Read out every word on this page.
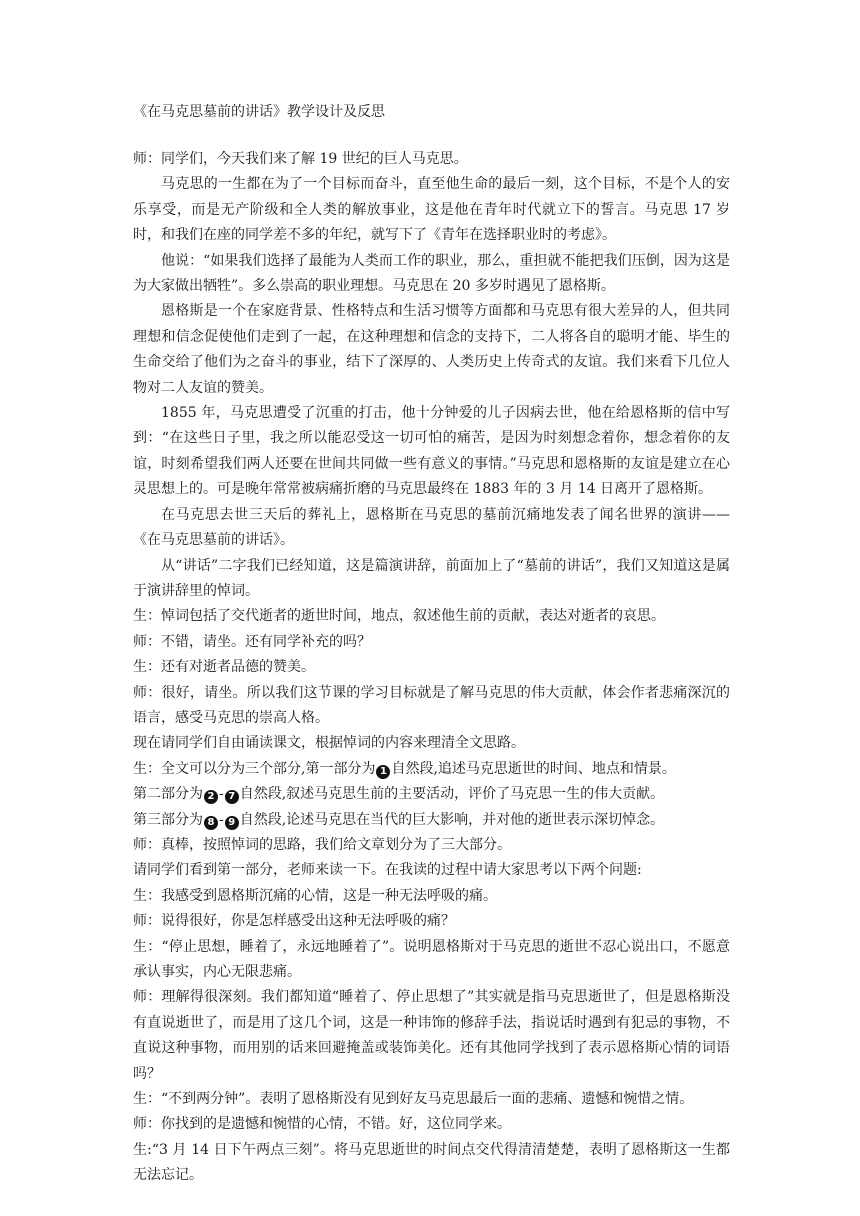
《在马克思墓前的讲话》教学设计及反思

师：同学们，今天我们来了解 19 世纪的巨人马克思。

马克思的一生都在为了一个目标而奋斗，直至他生命的最后一刻，这个目标，不是个人的安乐享受，而是无产阶级和全人类的解放事业，这是他在青年时代就立下的誓言。马克思 17 岁时，和我们在座的同学差不多的年纪，就写下了《青年在选择职业时的考虑》。

他说：“如果我们选择了最能为人类而工作的职业，那么，重担就不能把我们压倒，因为这是为大家做出牺牲”。多么崇高的职业理想。马克思在 20 多岁时遇见了恩格斯。

恩格斯是一个在家庭背景、性格特点和生活习惯等方面都和马克思有很大差异的人，但共同理想和信念促使他们走到了一起，在这种理想和信念的支持下，二人将各自的聪明才能、毕生的生命交给了他们为之奋斗的事业，结下了深厚的、人类历史上传奇式的友谊。我们来看下几位人物对二人友谊的赞美。

1855 年，马克思遭受了沉重的打击，他十分钟爱的儿子因病去世，他在给恩格斯的信中写到：“在这些日子里，我之所以能忍受这一切可怕的痛苦，是因为时刻想念着你，想念着你的友谊，时刻希望我们两人还要在世间共同做一些有意义的事情。”马克思和恩格斯的友谊是建立在心灵思想上的。可是晚年常常被病痛折磨的马克思最终在 1883 年的 3 月 14 日离开了恩格斯。

在马克思去世三天后的葬礼上，恩格斯在马克思的墓前沉痛地发表了闻名世界的演讲——《在马克思墓前的讲话》。

从“讲话”二字我们已经知道，这是篇演讲辞，前面加上了“墓前的讲话”，我们又知道这是属于演讲辞里的悼词。

生：悼词包括了交代逝者的逝世时间，地点，叙述他生前的贡献，表达对逝者的哀思。

师：不错，请坐。还有同学补充的吗？

生：还有对逝者品德的赞美。

师：很好，请坐。所以我们这节课的学习目标就是了解马克思的伟大贡献，体会作者悲痛深沉的语言，感受马克思的崇高人格。

现在请同学们自由诵读课文，根据悼词的内容来理清全文思路。

生：全文可以分为三个部分,第一部分为 1 自然段,追述马克思逝世的时间、地点和情景。

第二部分为 2 - 7 自然段,叙述马克思生前的主要活动，评价了马克思一生的伟大贡献。

第三部分为 8 - 9 自然段,论述马克思在当代的巨大影响，并对他的逝世表示深切悼念。

师：真棒，按照悼词的思路，我们给文章划分为了三大部分。

请同学们看到第一部分，老师来读一下。在我读的过程中请大家思考以下两个问题:

生：我感受到恩格斯沉痛的心情，这是一种无法呼吸的痛。

师：说得很好，你是怎样感受出这种无法呼吸的痛？

生：“停止思想，睡着了，永远地睡着了”。说明恩格斯对于马克思的逝世不忍心说出口，不愿意承认事实，内心无限悲痛。

师：理解得很深刻。我们都知道“睡着了、停止思想了”其实就是指马克思逝世了，但是恩格斯没有直说逝世了，而是用了这几个词，这是一种讳饰的修辞手法，指说话时遇到有犯忌的事物，不直说这种事物，而用别的话来回避掩盖或装饰美化。还有其他同学找到了表示恩格斯心情的词语吗？

生：“不到两分钟”。表明了恩格斯没有见到好友马克思最后一面的悲痛、遗憾和惋惜之情。

师：你找到的是遗憾和惋惜的心情，不错。好，这位同学来。

生:“3 月 14 日下午两点三刻”。将马克思逝世的时间点交代得清清楚楚，表明了恩格斯这一生都无法忘记。
